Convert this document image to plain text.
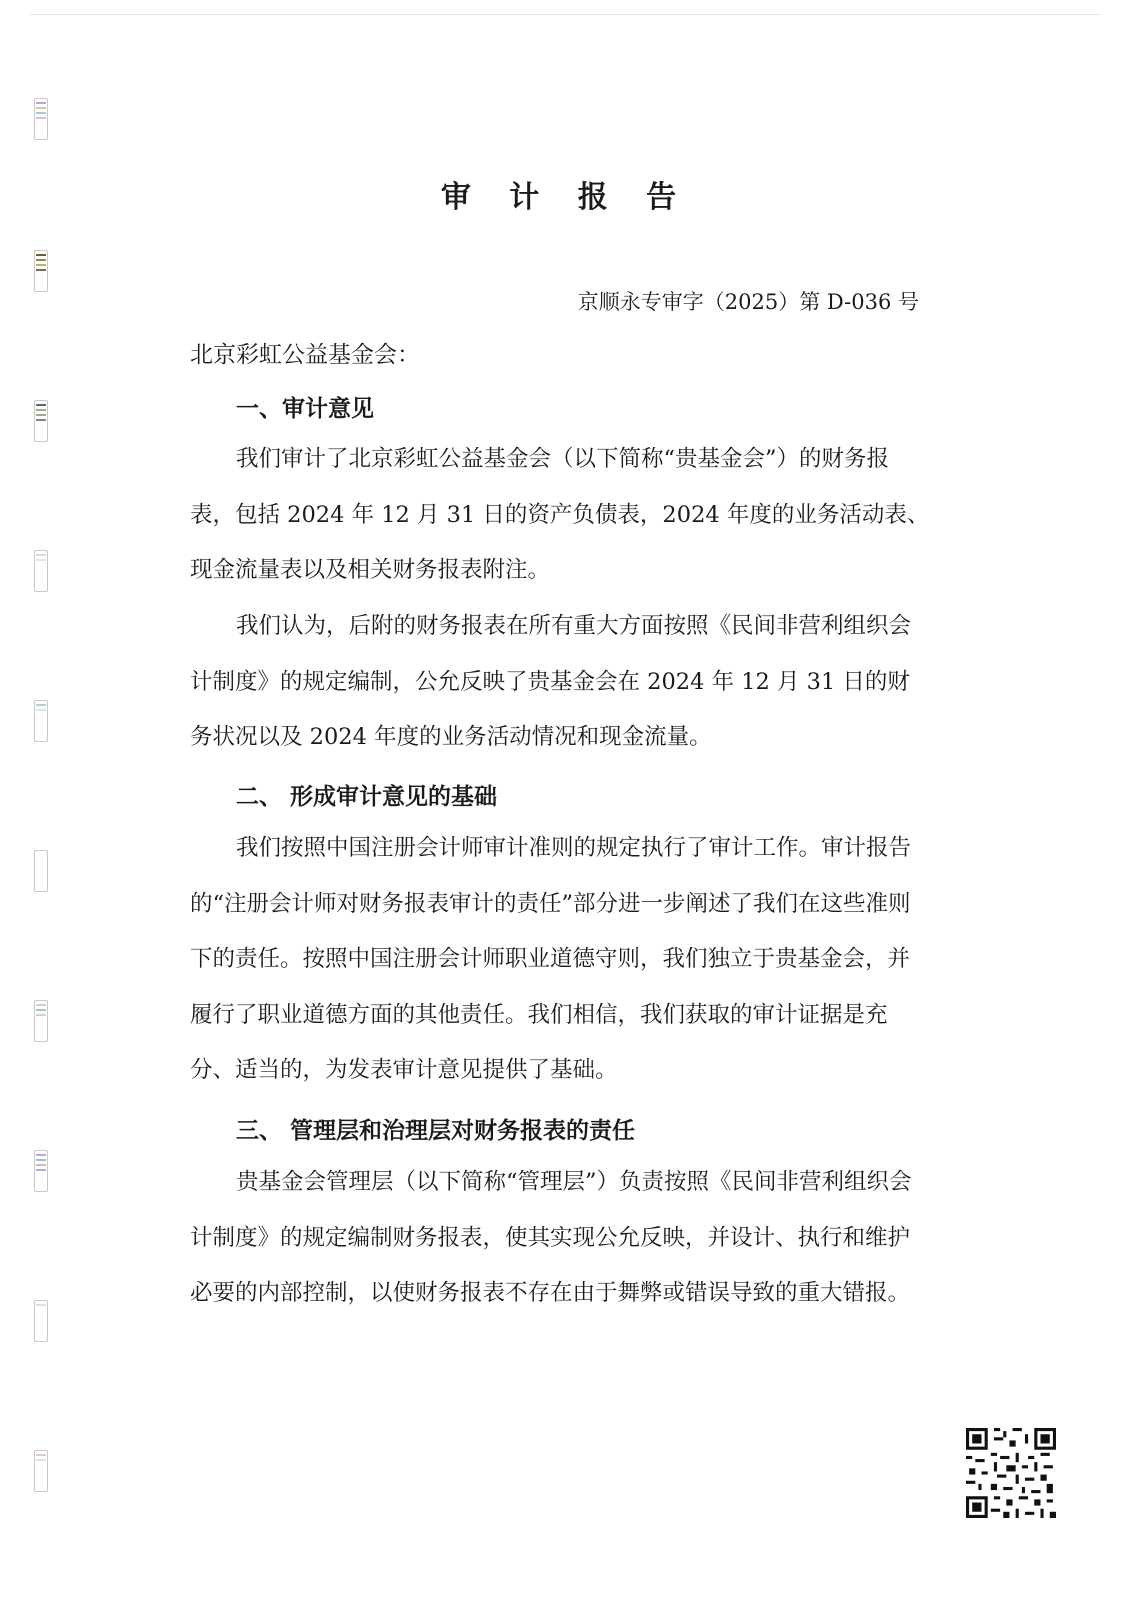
审 计 报 告
京顺永专审字（2025）第 D-036 号
北京彩虹公益基金会：
一、审计意见

我们审计了北京彩虹公益基金会（以下简称“贵基金会”）的财务报表，包括 2024 年 12 月 31 日的资产负债表，2024 年度的业务活动表、现金流量表以及相关财务报表附注。

我们认为，后附的财务报表在所有重大方面按照《民间非营利组织会计制度》的规定编制，公允反映了贵基金会在 2024 年 12 月 31 日的财务状况以及 2024 年度的业务活动情况和现金流量。

二、 形成审计意见的基础

我们按照中国注册会计师审计准则的规定执行了审计工作。审计报告的“注册会计师对财务报表审计的责任”部分进一步阐述了我们在这些准则下的责任。按照中国注册会计师职业道德守则，我们独立于贵基金会，并履行了职业道德方面的其他责任。我们相信，我们获取的审计证据是充分、适当的，为发表审计意见提供了基础。

三、 管理层和治理层对财务报表的责任

贵基金会管理层（以下简称“管理层”）负责按照《民间非营利组织会计制度》的规定编制财务报表，使其实现公允反映，并设计、执行和维护必要的内部控制，以使财务报表不存在由于舞弊或错误导致的重大错报。
